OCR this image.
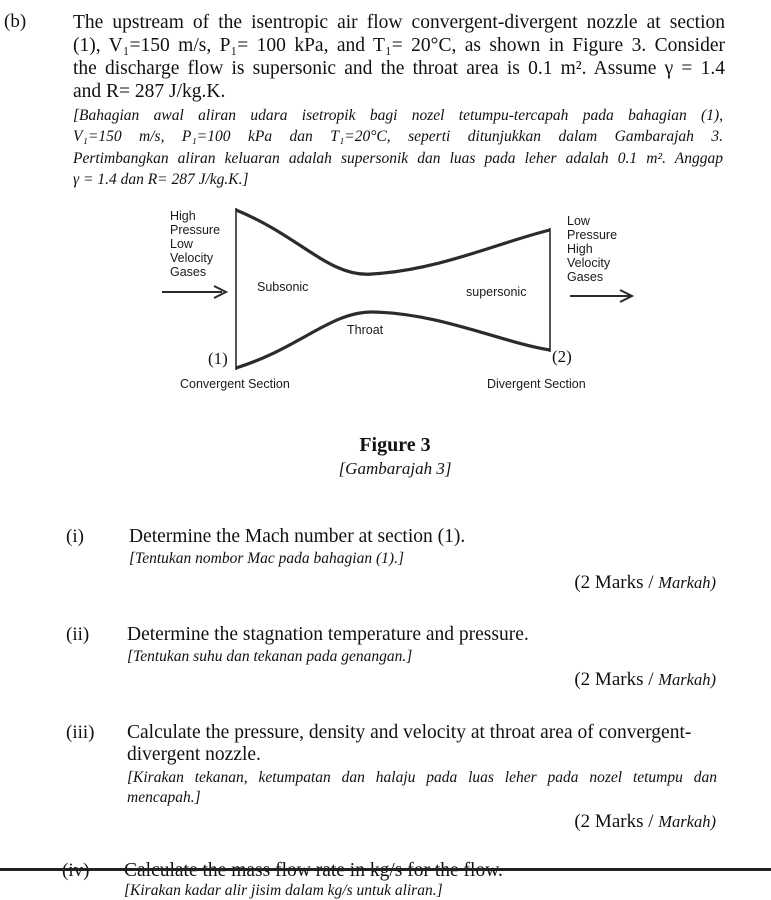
(b) The upstream of the isentropic air flow convergent-divergent nozzle at section
(1), V₁=150 m/s, P₁= 100 kPa, and T₁= 20°C, as shown in Figure 3. Consider
the discharge flow is supersonic and the throat area is 0.1 m². Assume γ = 1.4
and R= 287 J/kg.K.
[Bahagian awal aliran udara isetropik bagi nozel tetumpu-tercapah pada bahagian (1),
V₁=150 m/s, P₁=100 kPa dan T₁=20°C, seperti ditunjukkan dalam Gambarajah 3.
Pertimbangkan aliran keluaran adalah supersonik dan luas pada leher adalah 0.1 m². Anggap
γ = 1.4 dan R= 287 J/kg.K.]
High
Pressure
Low
Velocity
Gases
Low
Pressure
High
Velocity
Gases
Subsonic	supersonic
Throat
(1)	(2)
Convergent Section	Divergent Section
Figure 3
[Gambarajah 3]
(i) Determine the Mach number at section (1).
[Tentukan nombor Mac pada bahagian (1).]
(2 Marks / Markah)
(ii) Determine the stagnation temperature and pressure.
[Tentukan suhu dan tekanan pada genangan.]
(2 Marks / Markah)
(iii) Calculate the pressure, density and velocity at throat area of convergent-
divergent nozzle.
[Kirakan tekanan, ketumpatan dan halaju pada luas leher pada nozel tetumpu dan
mencapah.]
(2 Marks / Markah)
[Kirakan kadar alir jisim dalam kg/s untuk aliran.]
